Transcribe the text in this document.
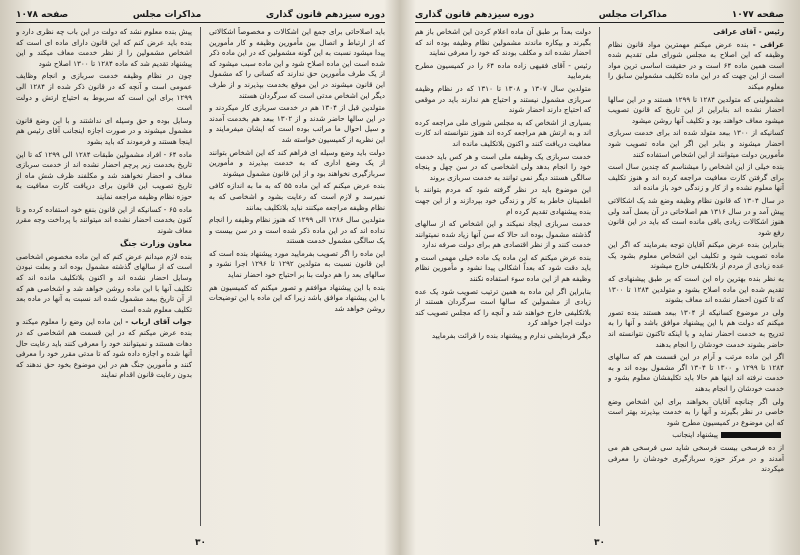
دوره سیزدهم قانون گذاری
مذاکرات مجلس
صفحه ۱۰۷۸

باید اصلاحاتی برای جمع این اشکالات و مخصوصاً اشکالاتی که از ارتباط و اتصال بین مأمورین وظیفه و کار مأمورین پیدا میشود نسبت به این گونه مشمولین که در این ماده ذکر شده است این ماده اصلاح شود و این ماده سبب میشود که از یک طرف مأمورین حق ندارند که کسانی را که مشمول این قانون میشوند در این موقع بخدمت بپذیرند و از طرف دیگر این اشخاص مدتی است که سرگردان هستند

متولدین قبل از ۱۳۰۴ هم در خدمت سربازی کار میکردند و در این سالها حاضر شدند و از ۱۳۰۲ ببعد هم بخدمت آمدند و سیل احوال ما مراتب بوده است که ایشان میفرمایند و این نظریه از کمیسیون خواسته شد

دولت باید وضع وسیله ای فراهم کند که این اشخاص بتوانند از یک وضع اداری که به خدمت بپذیرند و مأمورین سربازگیری نخواهند بود و از این قانون مشمول میشوند

بنده عرض میکنم که این ماده ۵۵ که به ما به اندازه کافی نمیرسد و لازم است که رعایت بشود و اشخاصی که به نظام وظیفه مراجعه میکنند نباید بلاتکلیف بمانند

متولدین سال ۱۲۸۶ الی ۱۲۹۹ که هنوز نظام وظیفه را انجام نداده اند که در این ماده ذکر شده است و در سن بیست و یک سالگی مشمول خدمت هستند

این ماده را اگر تصویب بفرمایید مورد پیشنهاد بنده است که این قانون نسبت به متولدین ۱۲۹۲ تا ۱۲۹۶ اجرا نشود و سالهای بعد را هم دولت بنا بر احتیاج خود احضار نماید

بنده با این پیشنهاد موافقم و تصور میکنم که کمیسیون هم با این پیشنهاد موافق باشد زیرا که این ماده با این توضیحات روشن خواهد شد

پیش بنده معلوم نشد که دولت در این باب چه نظری دارد و بنده باید عرض کنم که این قانون دارای ماده ای است که اشخاص مشمولین را از نظر خدمت معاف میکند و این پیشنهاد تقدیم شد که ماده ۱۲۸۴ تا ۱۳۰۰ اصلاح شود

چون در نظام وظیفه خدمت سربازی و انجام وظایف عمومی است و آنچه که در قانون ذکر شده از ۱۲۸۴ الی ۱۲۹۹ برای این است که سربوط به احتیاج ارتش و دولت است

وسایل بوده و حق وسیله ای نداشتند و با این وضع قانون مشمول میشوند و در صورت اجازه اینجانب آقای رئیس هم اینجا هستند و فرمودند که باید بشود

ماده ۶۴ - افراد مشمولین طبقات ۱۲۸۴ الی ۱۲۹۹ که تا این تاریخ بخدمت زیر پرچم احضار نشده اند از خدمت سربازی معاف و احضار نخواهند شد و مکلفند ظرف شش ماه از تاریخ تصویب این قانون برای دریافت کارت معافیت به حوزه نظام وظیفه مراجعه نمایند

ماده ۶۵ - کسانیکه از این قانون بنفع خود استفاده کرده و تا کنون بخدمت احضار نشده اند میتوانند با پرداخت وجه مقرر معاف شوند

معاون وزارت جنگ

بنده لازم میدانم عرض کنم که این ماده مخصوص اشخاصی است که از سالهای گذشته مشمول بوده اند و بعلت نبودن وسایل احضار نشده اند و اکنون بلاتکلیف مانده اند که تکلیف آنها با این ماده روشن خواهد شد و اشخاصی هم که از آن تاریخ ببعد مشمول شده اند نسبت به آنها در ماده بعد تکلیف معلوم شده است

جواب آقای ارباب - این ماده این وضع را معلوم میکند و بنده عرض میکنم که در این قسمت هم اشخاصی که در دهات هستند و نمیتوانند خود را معرفی کنند باید رعایت حال آنها شده و اجازه داده شود که تا مدتی مقرر خود را معرفی کنند و مأمورین جنگ هم در این موضوع بخود حق ندهند که بدون رعایت قانون اقدام نمایند

۳۰
صفحه ۱۰۷۷
مذاکرات مجلس
دوره سیزدهم قانون گذاری

رئیس - آقای عراقی

عراقی - بنده عرض میکنم مهمترین مواد قانون نظام وظیفه که این اصلاح به مجلس شورای ملی تقدیم شده است همین ماده ۶۴ است و در حقیقت اساسی ترین مواد است از این جهت که در این ماده تکلیف مشمولین سابق را معلوم میکند

مشمولینی که متولدین ۱۲۸۴ تا ۱۲۹۹ هستند و در این سالها احضار نشده اند بنابراین از این تاریخ که قانون تصویب میشود معاف خواهند بود و تکلیف آنها روشن میشود

کسانیکه از ۱۳۰۰ ببعد متولد شده اند برای خدمت سربازی احضار میشوند و بنابر این اگر این ماده تصویب شود مأمورین دولت میتوانند از این اشخاص استفاده کنند

بنده خیلی از این اشخاص را میشناسم که چندین سال است برای گرفتن کارت معافیت مراجعه کرده اند و هنوز تکلیف آنها معلوم نشده و از کار و زندگی خود باز مانده اند

در سال ۱۳۰۴ که قانون نظام وظیفه وضع شد یک اشکالاتی پیش آمد و در سال ۱۳۱۶ هم اصلاحاتی در آن بعمل آمد ولی هنوز اشکالات زیادی باقی مانده است که باید در این قانون رفع شود

بنابراین بنده عرض میکنم آقایان توجه بفرمایند که اگر این ماده تصویب شود و تکلیف این اشخاص معلوم بشود یک عده زیادی از مردم از بلاتکلیفی خارج میشوند

به نظر بنده بهترین راه این است که بر طبق پیشنهادی که تقدیم شده این ماده اصلاح بشود و متولدین ۱۲۸۴ تا ۱۳۰۰ که تا کنون احضار نشده اند معاف بشوند

ولی در موضوع کسانیکه از ۱۳۰۴ ببعد هستند بنده تصور میکنم که دولت هم با این پیشنهاد موافق باشد و آنها را به تدریج به خدمت احضار نماید و یا اینکه تاکنون نتوانسته اند حاضر بشوند خدمت خودشان را انجام بدهند

اگر این ماده مرتب و آرام در این قسمت هم که سالهای ۱۲۸۴ تا ۱۲۹۹ و ۱۳۰۰ تا ۱۳۰۴ اگر مشمول بوده اند و به خدمت نرفته اند اینها هم حالا باید تکلیفشان معلوم بشود و خدمت خودشان را انجام بدهند

ولی اگر چنانچه آقایان بخواهند برای این اشخاص وضع خاصی در نظر بگیرند و آنها را به خدمت بپذیرند بهتر است که این موضوع در کمیسیون مطرح شود

پیشنهاد اینجانب

از ده فرسخی بیست فرسخی شاید سی فرسخی هم می آمدند و در مرکز حوزه سربازگیری خودشان را معرفی میکردند

دولت بعداً بر طبق آن ماده اعلام کردن این اشخاص باز هم بگیرند و بیکاره ماندند مشمولین نظام وظیفه بوده اند که احضار نشده اند و مکلف بودند که خود را معرفی نمایند

رئیس - آقای فقیهی زاده ماده ۶۴ را در کمیسیون مطرح بفرمایید

متولدین سال ۱۳۰۷ و ۱۳۰۸ تا ۱۳۱۰ که در نظام وظیفه سربازی مشمول نیستند و احتیاج هم ندارند باید در موقعی که احتیاج دارند احضار شوند

بسیاری از اشخاص که به مجلس شورای ملی مراجعه کرده اند و به ارتش هم مراجعه کرده اند هنوز نتوانسته اند کارت معافیت دریافت کنند و اکنون بلاتکلیف مانده اند

خدمت سربازی یک وظیفه ملی است و هر کس باید خدمت خود را انجام بدهد ولی اشخاصی که در سن چهل و پنجاه سالگی هستند دیگر نمی توانند به خدمت سربازی بروند

این موضوع باید در نظر گرفته شود که مردم بتوانند با اطمینان خاطر به کار و زندگی خود بپردازند و از این جهت بنده پیشنهادی تقدیم کرده ام

خدمت سربازی ایجاد نمیکند و این اشخاص که از سالهای گذشته مشمول بوده اند حالا که سن آنها زیاد شده نمیتوانند خدمت کنند و از نظر اقتصادی هم برای دولت صرفه ندارد

بنده عرض میکنم که این ماده یک ماده خیلی مهمی است و باید دقت شود که بعداً اشکالی پیدا نشود و مأمورین نظام وظیفه هم از این ماده سوء استفاده نکنند

بنابراین اگر این ماده به همین ترتیب تصویب شود یک عده زیادی از مشمولین که سالها است سرگردان هستند از بلاتکلیفی خارج خواهند شد و آنچه را که مجلس تصویب کند دولت اجرا خواهد کرد

دیگر فرمایشی ندارم و پیشنهاد بنده را قرائت بفرمایید

۳۰
